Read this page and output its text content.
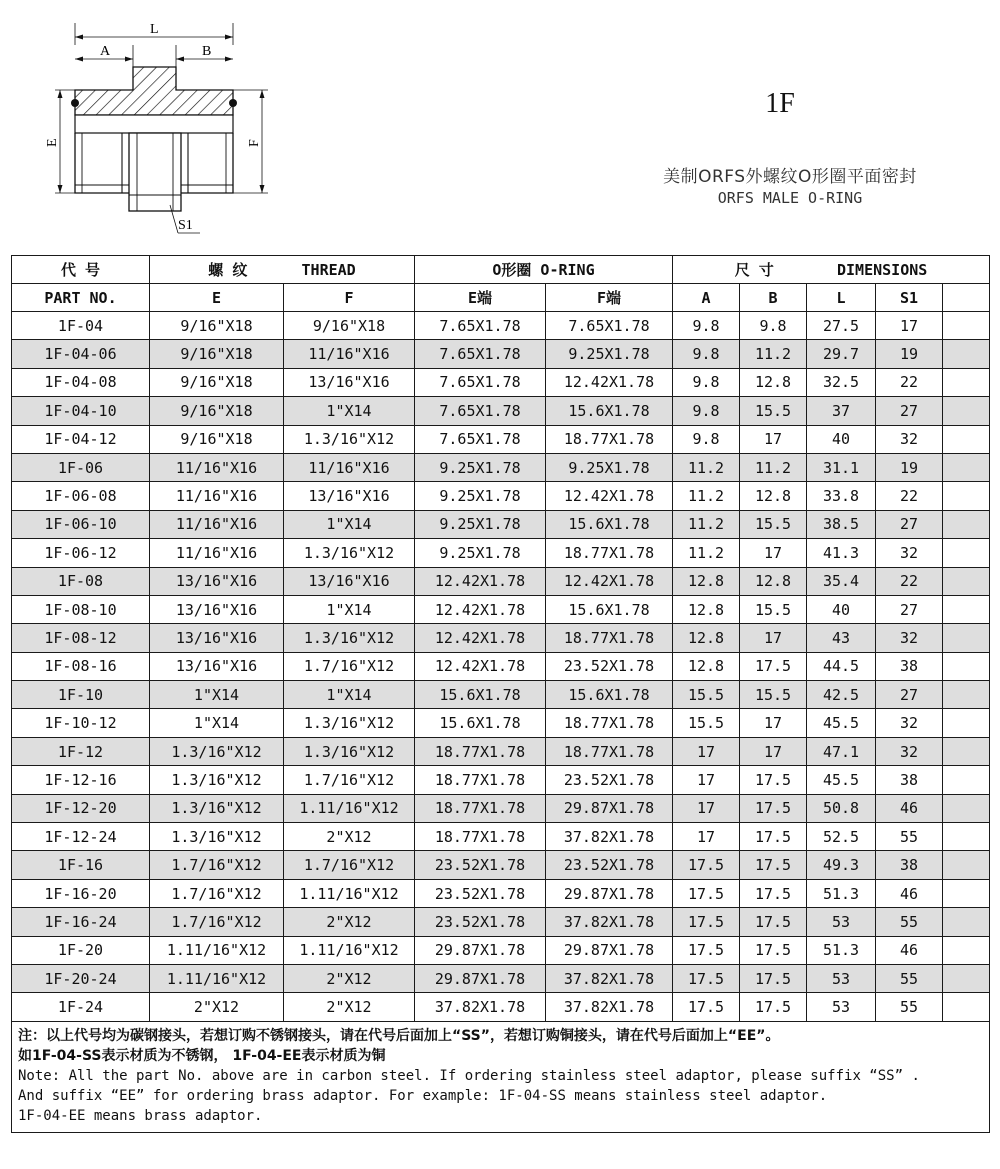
L
A	B
E	F
S1
1F
美制ORFS外螺纹O形圈平面密封
ORFS MALE O-RING
代 号	螺 纹 THREAD		O形圈 O-RING		尺 寸 DIMENSIONS				
PART NO.	E	F	E端	F端	A	B	L	S1	
1F-04	9/16"X18	9/16"X18	7.65X1.78	7.65X1.78	9.8	9.8	27.5	17	
1F-04-06	9/16"X18	11/16"X16	7.65X1.78	9.25X1.78	9.8	11.2	29.7	19	
1F-04-08	9/16"X18	13/16"X16	7.65X1.78	12.42X1.78	9.8	12.8	32.5	22	
1F-04-10	9/16"X18	1"X14	7.65X1.78	15.6X1.78	9.8	15.5	37	27	
1F-04-12	9/16"X18	1.3/16"X12	7.65X1.78	18.77X1.78	9.8	17	40	32	
1F-06	11/16"X16	11/16"X16	9.25X1.78	9.25X1.78	11.2	11.2	31.1	19	
1F-06-08	11/16"X16	13/16"X16	9.25X1.78	12.42X1.78	11.2	12.8	33.8	22	
1F-06-10	11/16"X16	1"X14	9.25X1.78	15.6X1.78	11.2	15.5	38.5	27	
1F-06-12	11/16"X16	1.3/16"X12	9.25X1.78	18.77X1.78	11.2	17	41.3	32	
1F-08	13/16"X16	13/16"X16	12.42X1.78	12.42X1.78	12.8	12.8	35.4	22	
1F-08-10	13/16"X16	1"X14	12.42X1.78	15.6X1.78	12.8	15.5	40	27	
1F-08-12	13/16"X16	1.3/16"X12	12.42X1.78	18.77X1.78	12.8	17	43	32	
1F-08-16	13/16"X16	1.7/16"X12	12.42X1.78	23.52X1.78	12.8	17.5	44.5	38	
1F-10	1"X14	1"X14	15.6X1.78	15.6X1.78	15.5	15.5	42.5	27	
1F-10-12	1"X14	1.3/16"X12	15.6X1.78	18.77X1.78	15.5	17	45.5	32	
1F-12	1.3/16"X12	1.3/16"X12	18.77X1.78	18.77X1.78	17	17	47.1	32	
1F-12-16	1.3/16"X12	1.7/16"X12	18.77X1.78	23.52X1.78	17	17.5	45.5	38	
1F-12-20	1.3/16"X12	1.11/16"X12	18.77X1.78	29.87X1.78	17	17.5	50.8	46	
1F-12-24	1.3/16"X12	2"X12	18.77X1.78	37.82X1.78	17	17.5	52.5	55	
1F-16	1.7/16"X12	1.7/16"X12	23.52X1.78	23.52X1.78	17.5	17.5	49.3	38	
1F-16-20	1.7/16"X12	1.11/16"X12	23.52X1.78	29.87X1.78	17.5	17.5	51.3	46	
1F-16-24	1.7/16"X12	2"X12	23.52X1.78	37.82X1.78	17.5	17.5	53	55	
1F-20	1.11/16"X12	1.11/16"X12	29.87X1.78	29.87X1.78	17.5	17.5	51.3	46	
1F-20-24	1.11/16"X12	2"X12	29.87X1.78	37.82X1.78	17.5	17.5	53	55	
1F-24	2"X12	2"X12	37.82X1.78	37.82X1.78	17.5	17.5	53	55	

注：以上代号均为碳钢接头，若想订购不锈钢接头，请在代号后面加上“SS”，若想订购铜接头，请在代号后面加上“EE”。
如1F-04-SS表示材质为不锈钢， 1F-04-EE表示材质为铜
Note: All the part No. above are in carbon steel. If ordering stainless steel adaptor, please suffix “SS” .
And suffix “EE” for ordering brass adaptor. For example: 1F-04-SS means stainless steel adaptor.
1F-04-EE means brass adaptor.									
